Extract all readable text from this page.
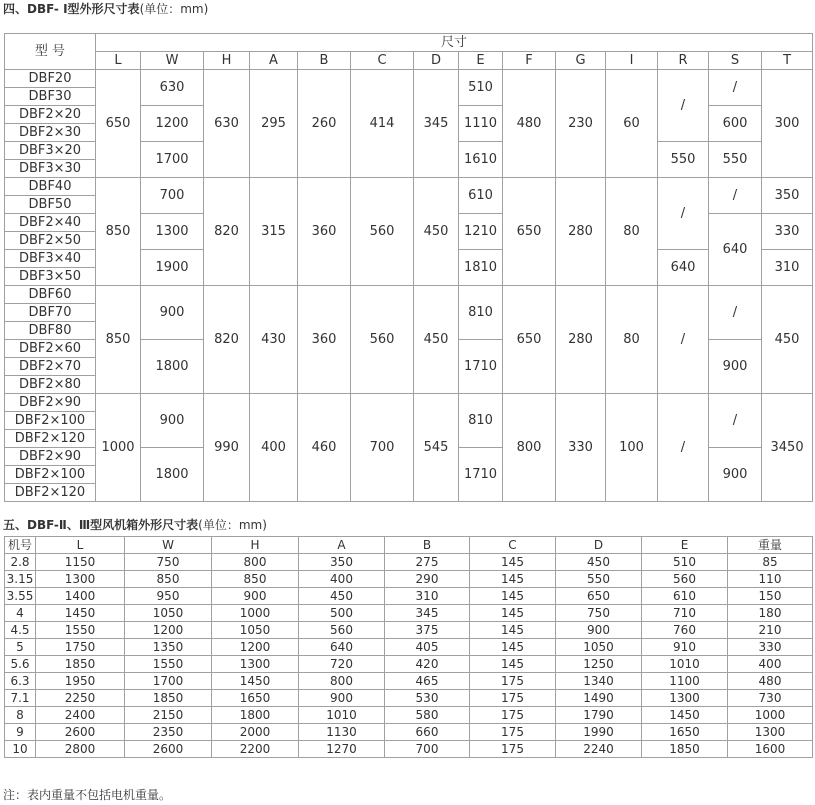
四、DBF- Ⅰ型外形尺寸表(单位：mm)
型 号	尺寸													
	L	W	H	A	B	C	D	E	F	G	I	R	S	T
DBF20	650	630	630	295	260	414	345	510	480	230	60	/	/	300
DBF30														
DBF2×20		1200						1110					600	
DBF2×30														
DBF3×20		1700						1610				550	550	
DBF3×30														
DBF40	850	700	820	315	360	560	450	610	650	280	80	/	/	350
DBF50														
DBF2×40		1300						1210					640	330
DBF2×50														
DBF3×40		1900						1810				640		310
DBF3×50														
DBF60	850	900	820	430	360	560	450	810	650	280	80	/	/	450
DBF70														
DBF80														
DBF2×60		1800						1710					900	
DBF2×70														
DBF2×80														
DBF2×90	1000	900	990	400	460	700	545	810	800	330	100	/	/	3450
DBF2×100														
DBF2×120														
DBF2×90		1800						1710					900	
DBF2×100														
DBF2×120														
五、DBF-Ⅱ、Ⅲ型风机箱外形尺寸表(单位：mm)
机号	L	W	H	A	B	C	D	E	重量
2.8	1150	750	800	350	275	145	450	510	85
3.15	1300	850	850	400	290	145	550	560	110
3.55	1400	950	900	450	310	145	650	610	150
4	1450	1050	1000	500	345	145	750	710	180
4.5	1550	1200	1050	560	375	145	900	760	210
5	1750	1350	1200	640	405	145	1050	910	330
5.6	1850	1550	1300	720	420	145	1250	1010	400
6.3	1950	1700	1450	800	465	175	1340	1100	480
7.1	2250	1850	1650	900	530	175	1490	1300	730
8	2400	2150	1800	1010	580	175	1790	1450	1000
9	2600	2350	2000	1130	660	175	1990	1650	1300
10	2800	2600	2200	1270	700	175	2240	1850	1600
注：表内重量不包括电机重量。
